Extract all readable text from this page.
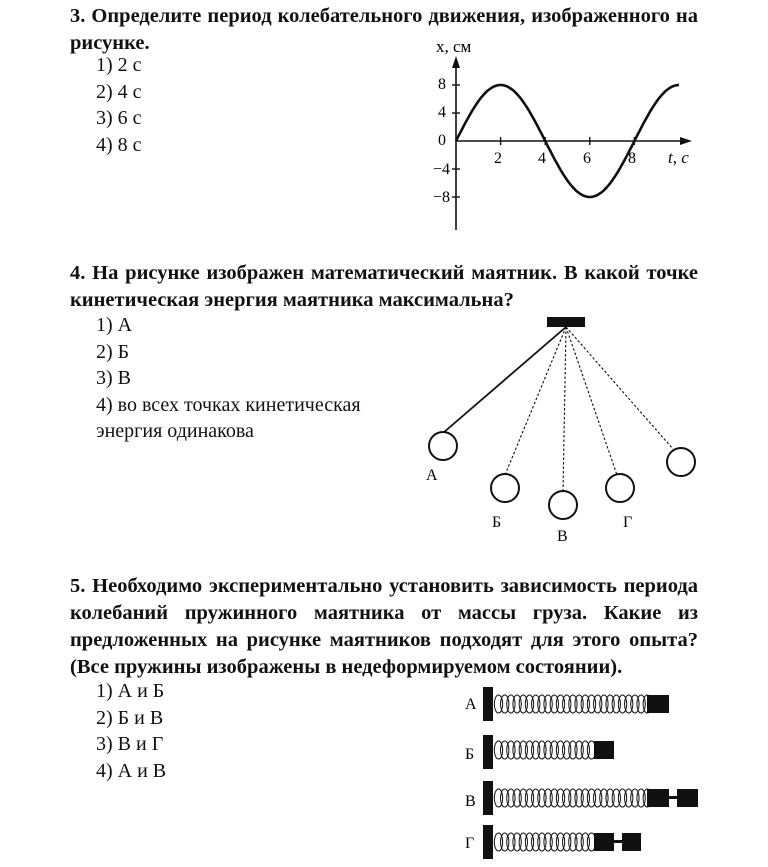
3. Определите период колебательного движения, изображенного на рисунке.
1) 2 с
2) 4 с
3) 6 с
4) 8 с
x, см
t, с
8
4
0
−4
−8
2 4 6 8
4. На рисунке изображен математический маятник. В какой точке кинетическая энергия маятника максимальна?
1) А
2) Б
3) В
4) во всех точках кинетическая энергия одинакова
А
Б
В
Г
5. Необходимо экспериментально установить зависимость периода колебаний пружинного маятника от массы груза. Какие из предложенных на рисунке маятников подходят для этого опыта? (Все пружины изображены в недеформируемом состоянии).
1) А и Б
2) Б и В
3) В и Г
4) А и В
А
Б
В
Г
